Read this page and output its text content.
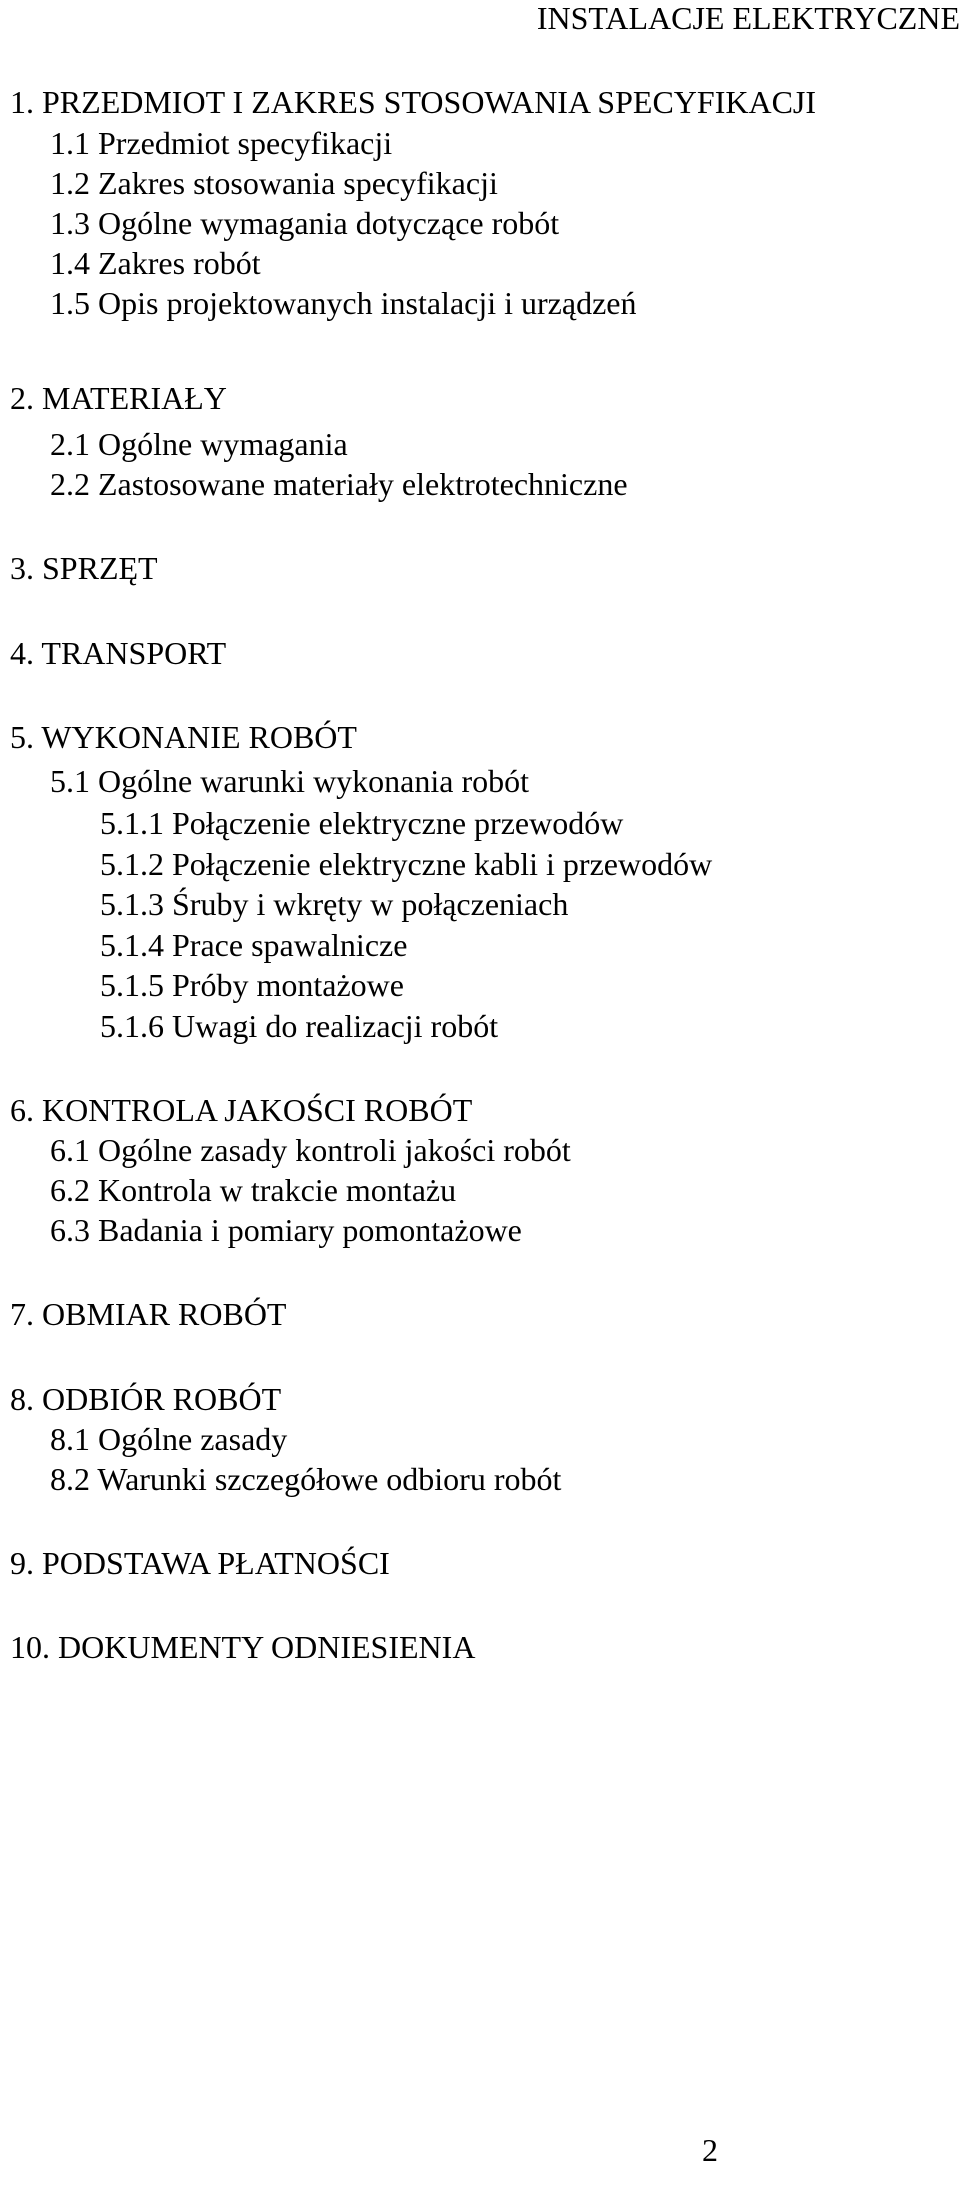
INSTALACJE ELEKTRYCZNE
1. PRZEDMIOT I ZAKRES STOSOWANIA SPECYFIKACJI
1.1 Przedmiot specyfikacji
1.2 Zakres stosowania specyfikacji
1.3 Ogólne wymagania dotyczące robót
1.4 Zakres robót
1.5 Opis projektowanych instalacji i urządzeń
2. MATERIAŁY
2.1 Ogólne wymagania
2.2 Zastosowane materiały elektrotechniczne
3. SPRZĘT
4. TRANSPORT
5. WYKONANIE ROBÓT
5.1 Ogólne warunki wykonania robót
5.1.1 Połączenie elektryczne przewodów
5.1.2 Połączenie elektryczne kabli i przewodów
5.1.3 Śruby i wkręty w połączeniach
5.1.4 Prace spawalnicze
5.1.5 Próby montażowe
5.1.6 Uwagi do realizacji robót
6. KONTROLA JAKOŚCI ROBÓT
6.1 Ogólne zasady kontroli jakości robót
6.2 Kontrola w trakcie montażu
6.3 Badania i pomiary pomontażowe
7. OBMIAR ROBÓT
8. ODBIÓR ROBÓT
8.1 Ogólne zasady
8.2 Warunki szczegółowe odbioru robót
9. PODSTAWA PŁATNOŚCI
10. DOKUMENTY ODNIESIENIA
2
